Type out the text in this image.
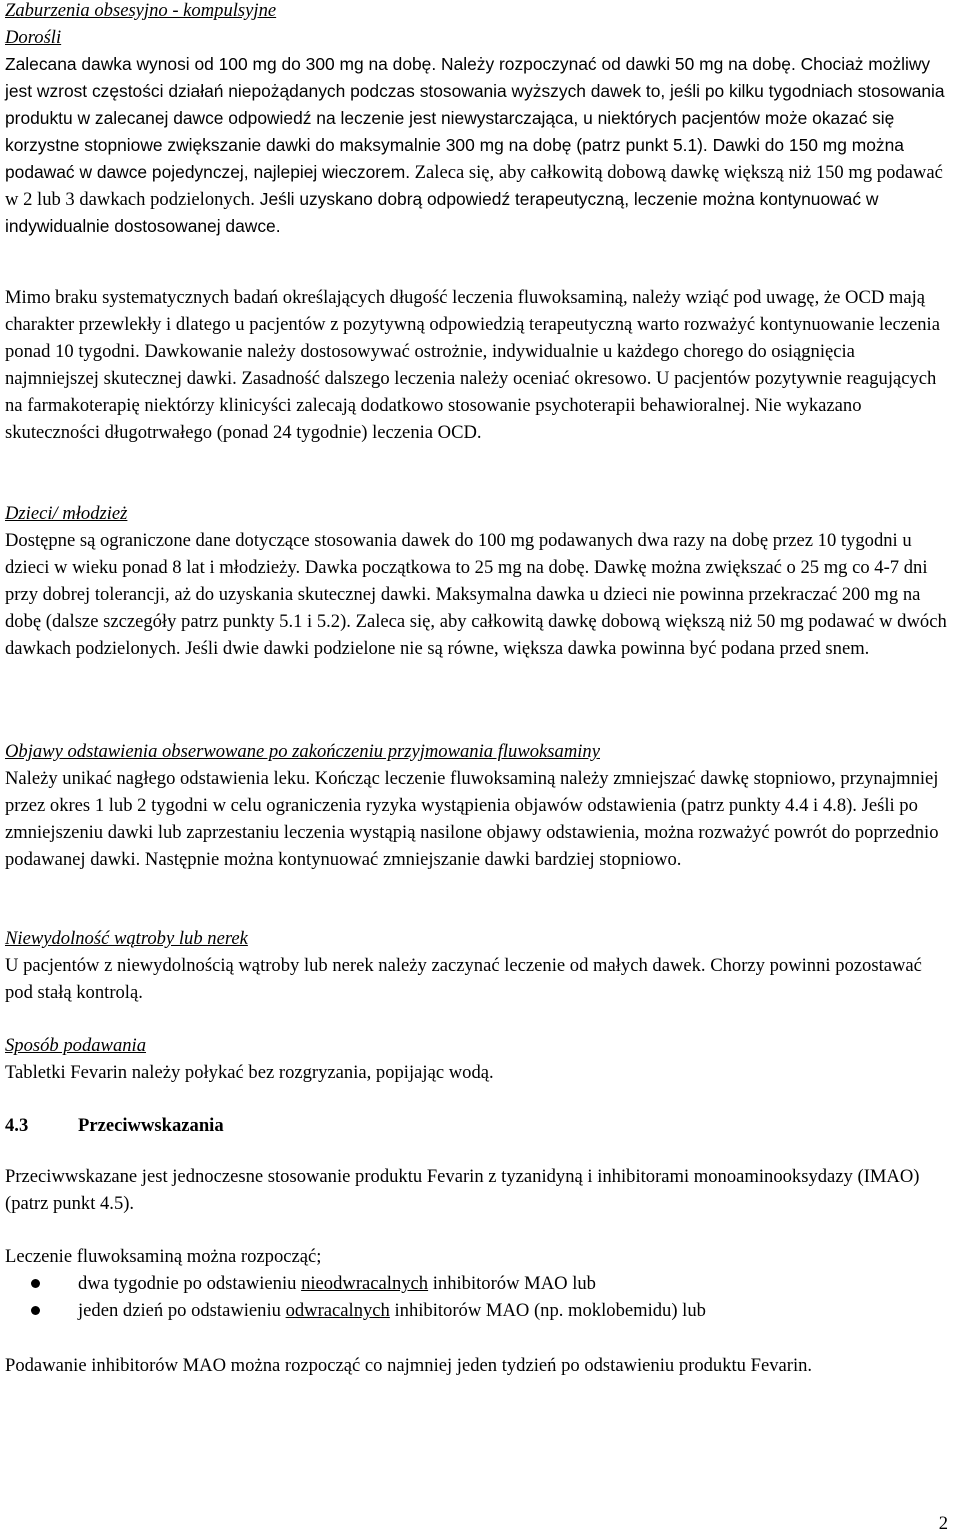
Zaburzenia obsesyjno - kompulsyjne

Dorośli

Zalecana dawka wynosi od 100 mg do 300 mg na dobę. Należy rozpoczynać od dawki 50 mg na dobę. Chociaż możliwy jest wzrost częstości działań niepożądanych podczas stosowania wyższych dawek to, jeśli po kilku tygodniach stosowania produktu w zalecanej dawce odpowiedź na leczenie jest niewystarczająca, u niektórych pacjentów może okazać się korzystne stopniowe zwiększanie dawki do maksymalnie 300 mg na dobę (patrz punkt 5.1). Dawki do 150 mg można podawać w dawce pojedynczej, najlepiej wieczorem. Zaleca się, aby całkowitą dobową dawkę większą niż 150 mg podawać w 2 lub 3 dawkach podzielonych. Jeśli uzyskano dobrą odpowiedź terapeutyczną, leczenie można kontynuować w indywidualnie dostosowanej dawce.

Mimo braku systematycznych badań określających długość leczenia fluwoksaminą, należy wziąć pod uwagę, że OCD mają charakter przewlekły i dlatego u pacjentów z pozytywną odpowiedzią terapeutyczną warto rozważyć kontynuowanie leczenia ponad 10 tygodni. Dawkowanie należy dostosowywać ostrożnie, indywidualnie u każdego chorego do osiągnięcia najmniejszej skutecznej dawki. Zasadność dalszego leczenia należy oceniać okresowo. U pacjentów pozytywnie reagujących na farmakoterapię niektórzy klinicyści zalecają dodatkowo stosowanie psychoterapii behawioralnej. Nie wykazano skuteczności długotrwałego (ponad 24 tygodnie) leczenia OCD.

Dzieci/ młodzież

Dostępne są ograniczone dane dotyczące stosowania dawek do 100 mg podawanych dwa razy na dobę przez 10 tygodni u dzieci w wieku ponad 8 lat i młodzieży. Dawka początkowa to 25 mg na dobę. Dawkę można zwiększać o 25 mg co 4-7 dni przy dobrej tolerancji, aż do uzyskania skutecznej dawki. Maksymalna dawka u dzieci nie powinna przekraczać 200 mg na dobę (dalsze szczegóły patrz punkty 5.1 i 5.2). Zaleca się, aby całkowitą dawkę dobową większą niż 50 mg podawać w dwóch dawkach podzielonych. Jeśli dwie dawki podzielone nie są równe, większa dawka powinna być podana przed snem.

Objawy odstawienia obserwowane po zakończeniu przyjmowania fluwoksaminy

Należy unikać nagłego odstawienia leku. Kończąc leczenie fluwoksaminą należy zmniejszać dawkę stopniowo, przynajmniej przez okres 1 lub 2 tygodni w celu ograniczenia ryzyka wystąpienia objawów odstawienia (patrz punkty 4.4 i 4.8). Jeśli po zmniejszeniu dawki lub zaprzestaniu leczenia wystąpią nasilone objawy odstawienia, można rozważyć powrót do poprzednio podawanej dawki. Następnie można kontynuować zmniejszanie dawki bardziej stopniowo.

Niewydolność wątroby lub nerek

U pacjentów z niewydolnością wątroby lub nerek należy zaczynać leczenie od małych dawek. Chorzy powinni pozostawać pod stałą kontrolą.

Sposób podawania

Tabletki Fevarin należy połykać bez rozgryzania, popijając wodą.

4.3	Przeciwwskazania

Przeciwwskazane jest jednoczesne stosowanie produktu Fevarin z tyzanidyną i inhibitorami monoaminooksydazy (IMAO) (patrz punkt 4.5).

Leczenie fluwoksaminą można rozpocząć;

dwa tygodnie po odstawieniu nieodwracalnych inhibitorów MAO lub
jeden dzień po odstawieniu odwracalnych inhibitorów MAO (np. moklobemidu) lub

Podawanie inhibitorów MAO można rozpocząć co najmniej jeden tydzień po odstawieniu produktu Fevarin.

2
